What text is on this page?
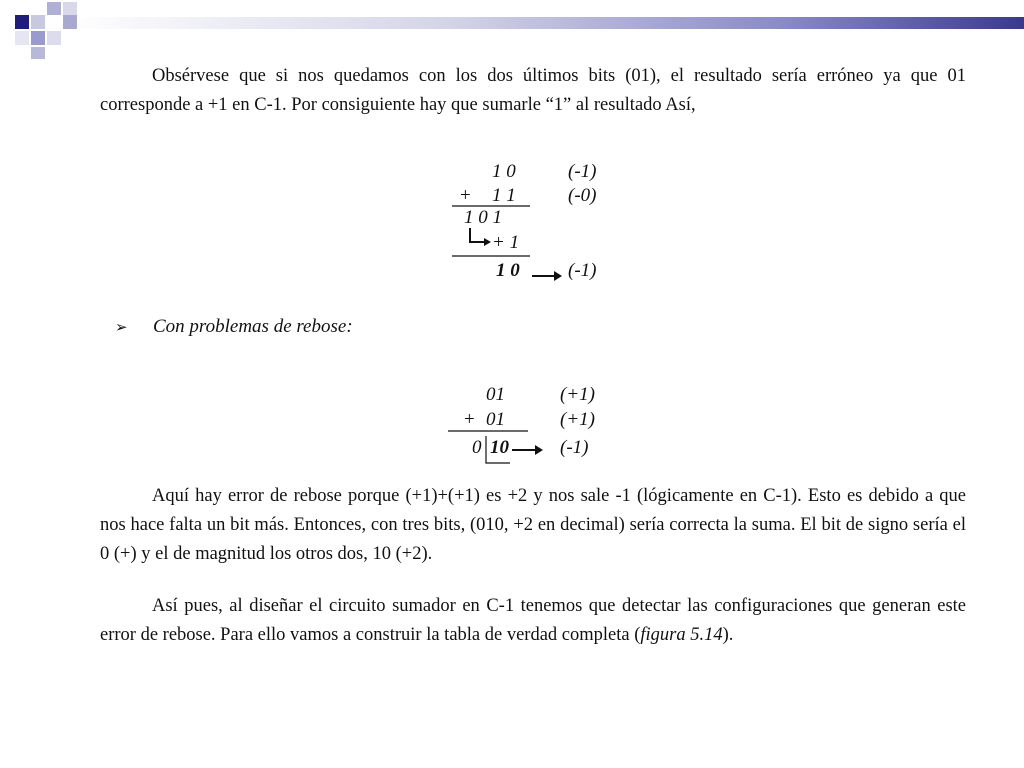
Obsérvese que si nos quedamos con los dos últimos bits (01), el resultado sería erróneo ya que 01 corresponde a +1 en C-1. Por consiguiente hay que sumarle “1” al resultado Así,

1 0	(-1)
+ 1 1	(-0)
1 0 1
+ 1
1 0	(-1)
➢ Con problemas de rebose:
01	(+1)
+ 01	(+1)
0 10	(-1)

Aquí hay error de rebose porque (+1)+(+1) es +2 y nos sale -1 (lógicamente en C-1). Esto es debido a que nos hace falta un bit más. Entonces, con tres bits, (010, +2 en decimal) sería correcta la suma. El bit de signo sería el 0 (+) y el de magnitud los otros dos, 10 (+2).

Así pues, al diseñar el circuito sumador en C-1 tenemos que detectar las configuraciones que generan este error de rebose. Para ello vamos a construir la tabla de verdad completa (figura 5.14).
